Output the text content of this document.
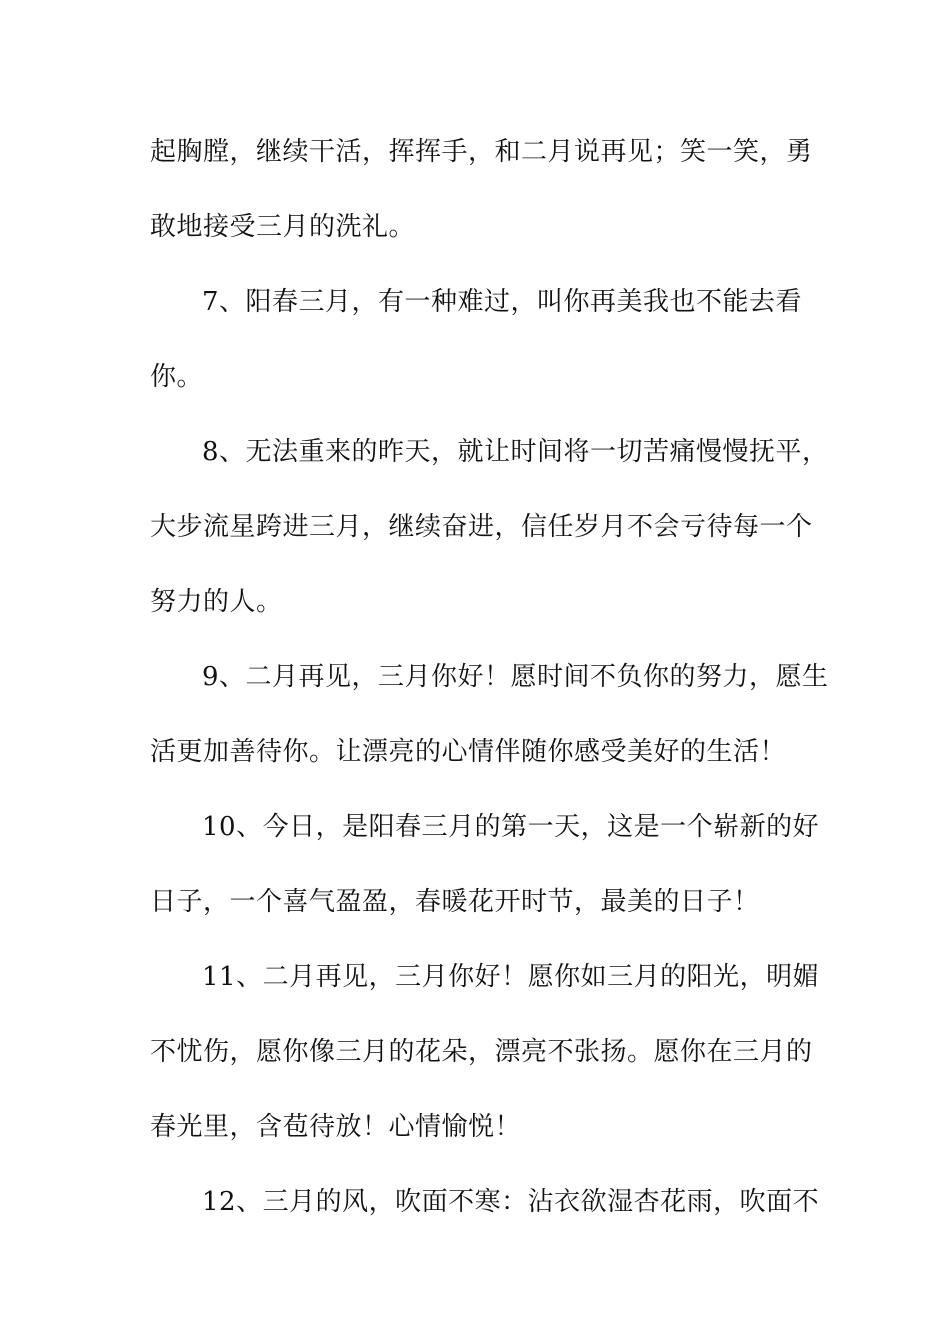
起胸膛，继续干活，挥挥手，和二月说再见；笑一笑，勇
敢地接受三月的洗礼。
7、阳春三月，有一种难过，叫你再美我也不能去看
你。
8、无法重来的昨天，就让时间将一切苦痛慢慢抚平，
大步流星跨进三月，继续奋进，信任岁月不会亏待每一个
努力的人。
9、二月再见，三月你好！愿时间不负你的努力，愿生
活更加善待你。让漂亮的心情伴随你感受美好的生活！
10、今日，是阳春三月的第一天，这是一个崭新的好
日子，一个喜气盈盈，春暖花开时节，最美的日子！
11、二月再见，三月你好！愿你如三月的阳光，明媚
不忧伤，愿你像三月的花朵，漂亮不张扬。愿你在三月的
春光里，含苞待放！心情愉悦！
12、三月的风，吹面不寒：沾衣欲湿杏花雨，吹面不
